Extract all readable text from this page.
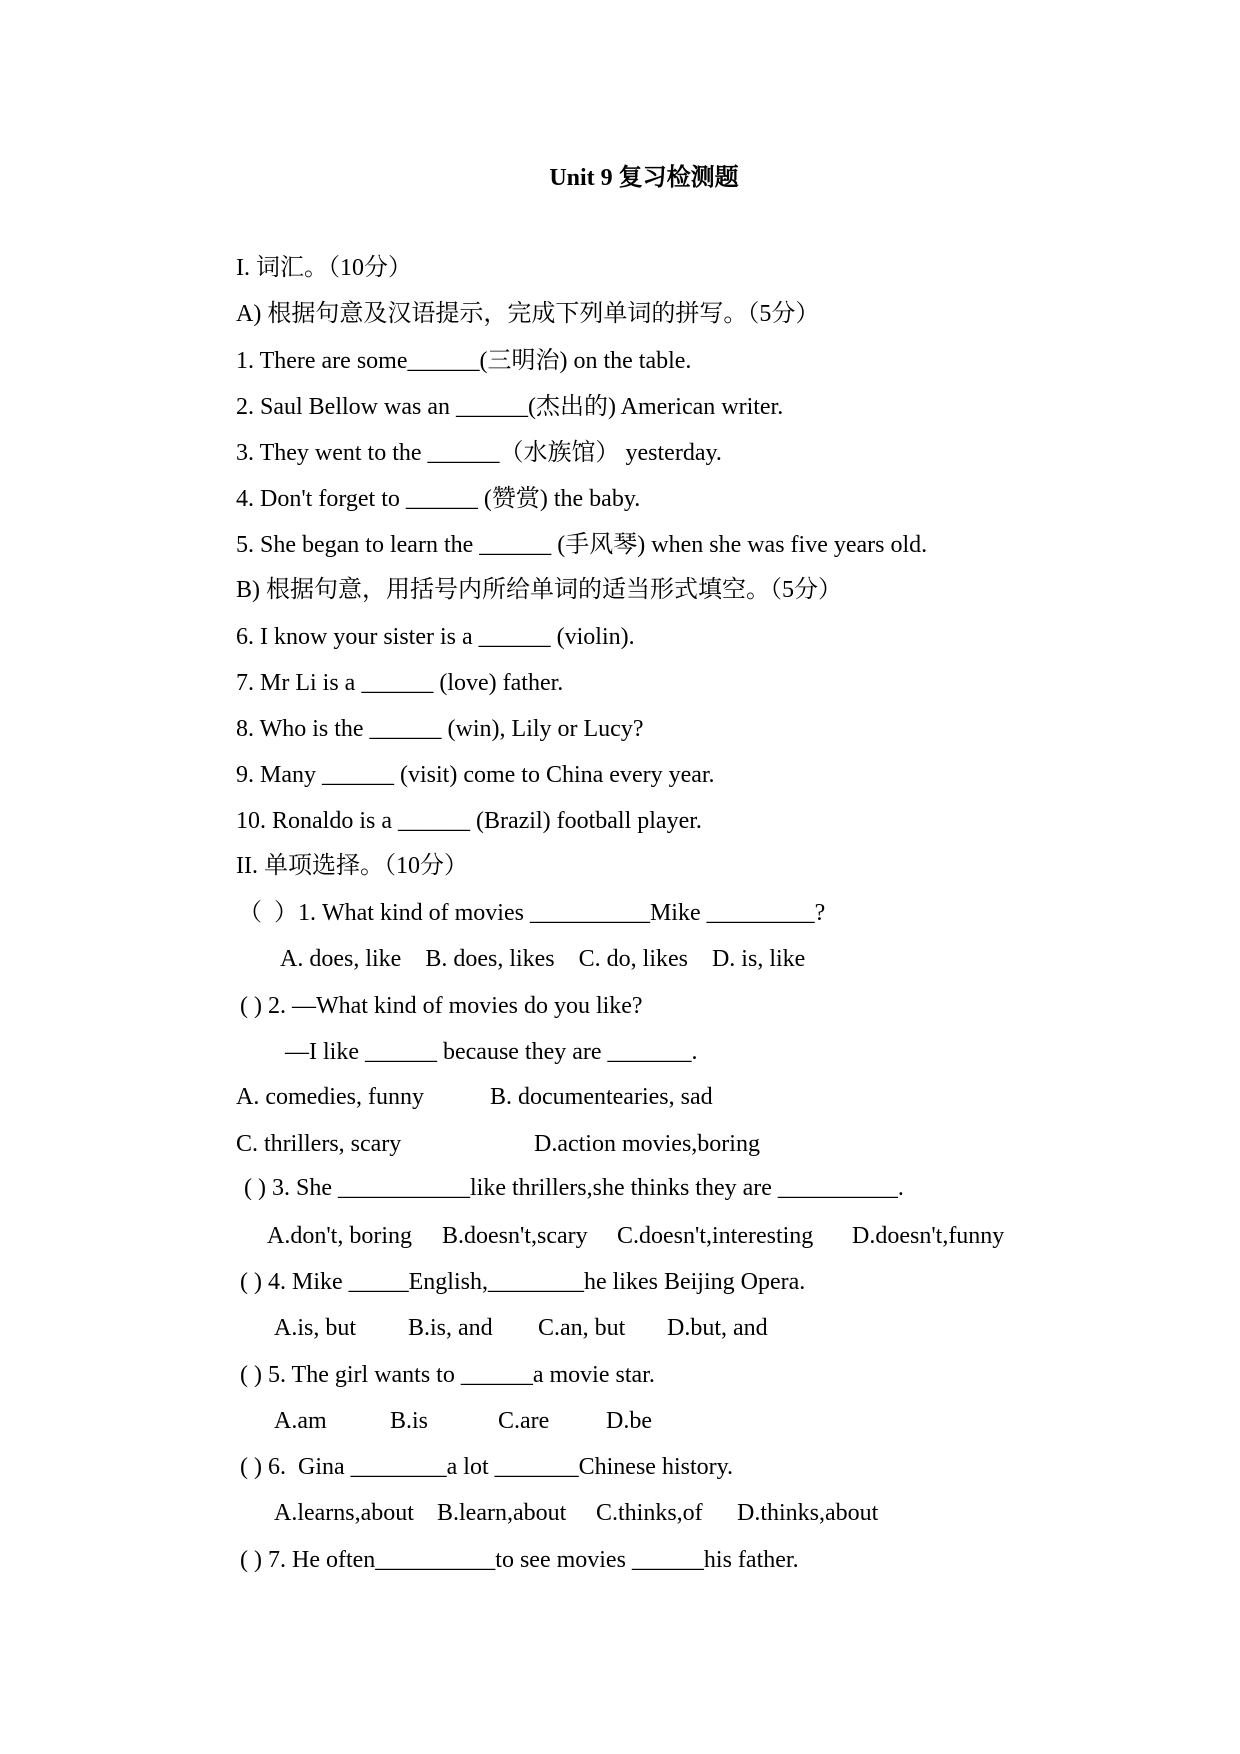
Unit 9 复习检测题
I. 词汇。（10分）
A) 根据句意及汉语提示，完成下列单词的拼写。（5分）
1. There are some______(三明治) on the table.
2. Saul Bellow was an ______(杰出的) American writer.
3. They went to the ______（水族馆） yesterday.
4. Don't forget to ______ (赞赏) the baby.
5. She began to learn the ______ (手风琴) when she was five years old.
B) 根据句意，用括号内所给单词的适当形式填空。（5分）
6. I know your sister is a ______ (violin).
7. Mr Li is a ______ (love) father.
8. Who is the ______ (win), Lily or Lucy?
9. Many ______ (visit) come to China every year.
10. Ronaldo is a ______ (Brazil) football player.
II. 单项选择。（10分）
（  ）1. What kind of movies __________Mike _________?
A. does, like    B. does, likes    C. do, likes    D. is, like
( ) 2. —What kind of movies do you like?
—I like ______ because they are _______.
A. comedies, funny	B. documentearies, sad
C. thrillers, scary	D.action movies,boring
( ) 3. She ___________like thrillers,she thinks they are __________.
A.don't, boring B.doesn't,scary C.doesn't,interesting D.doesn't,funny
( ) 4. Mike _____English,________he likes Beijing Opera.
A.is, but B.is, and C.an, but D.but, and
( ) 5. The girl wants to ______a movie star.
A.am	B.is	C.are D.be
( ) 6.  Gina ________a lot _______Chinese history.
A.learns,about B.learn,about C.thinks,of D.thinks,about
( ) 7. He often__________to see movies ______his father.
